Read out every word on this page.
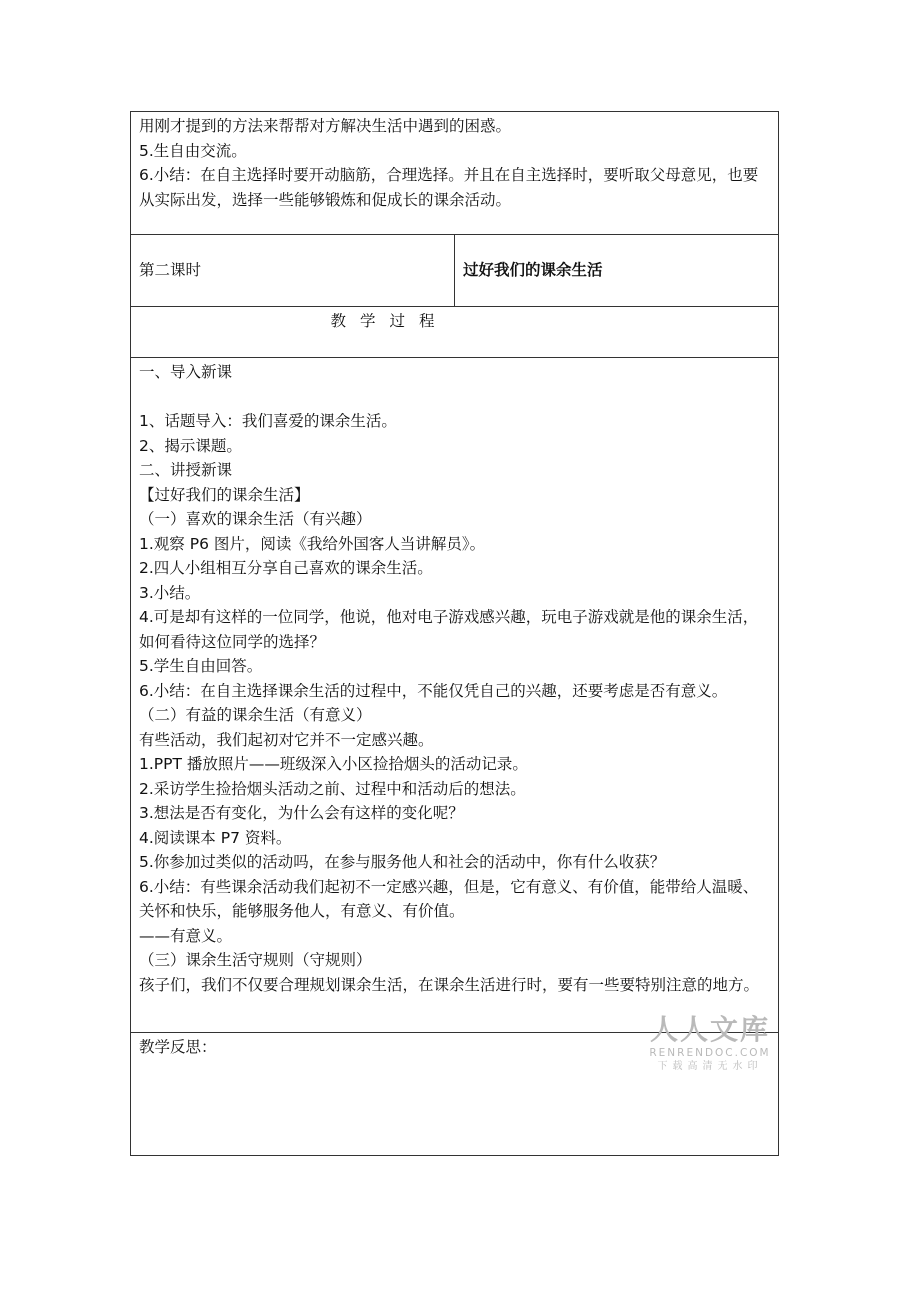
用刚才提到的方法来帮帮对方解决生活中遇到的困惑。
5.生自由交流。
6.小结：在自主选择时要开动脑筋，合理选择。并且在自主选择时，要听取父母意见，也要从实际出发，选择一些能够锻炼和促成长的课余活动。

第二课时	过好我们的课余生活
教学过程

一、导入新课
1、话题导入：我们喜爱的课余生活。
2、揭示课题。
二、讲授新课
【过好我们的课余生活】
（一）喜欢的课余生活（有兴趣）
1.观察 P6 图片，阅读《我给外国客人当讲解员》。
2.四人小组相互分享自己喜欢的课余生活。
3.小结。
4.可是却有这样的一位同学，他说，他对电子游戏感兴趣，玩电子游戏就是他的课余生活，如何看待这位同学的选择？
5.学生自由回答。
6.小结：在自主选择课余生活的过程中，不能仅凭自己的兴趣，还要考虑是否有意义。
（二）有益的课余生活（有意义）
有些活动，我们起初对它并不一定感兴趣。
1.PPT 播放照片——班级深入小区捡拾烟头的活动记录。
2.采访学生捡拾烟头活动之前、过程中和活动后的想法。
3.想法是否有变化，为什么会有这样的变化呢？
4.阅读课本 P7 资料。
5.你参加过类似的活动吗，在参与服务他人和社会的活动中，你有什么收获？
6.小结：有些课余活动我们起初不一定感兴趣，但是，它有意义、有价值，能带给人温暖、关怀和快乐，能够服务他人，有意义、有价值。
——有意义。
（三）课余生活守规则（守规则）
孩子们，我们不仅要合理规划课余生活，在课余生活进行时，要有一些要特别注意的地方。

教学反思：
人人文库
RENRENDOC.COM
下载高清无水印
